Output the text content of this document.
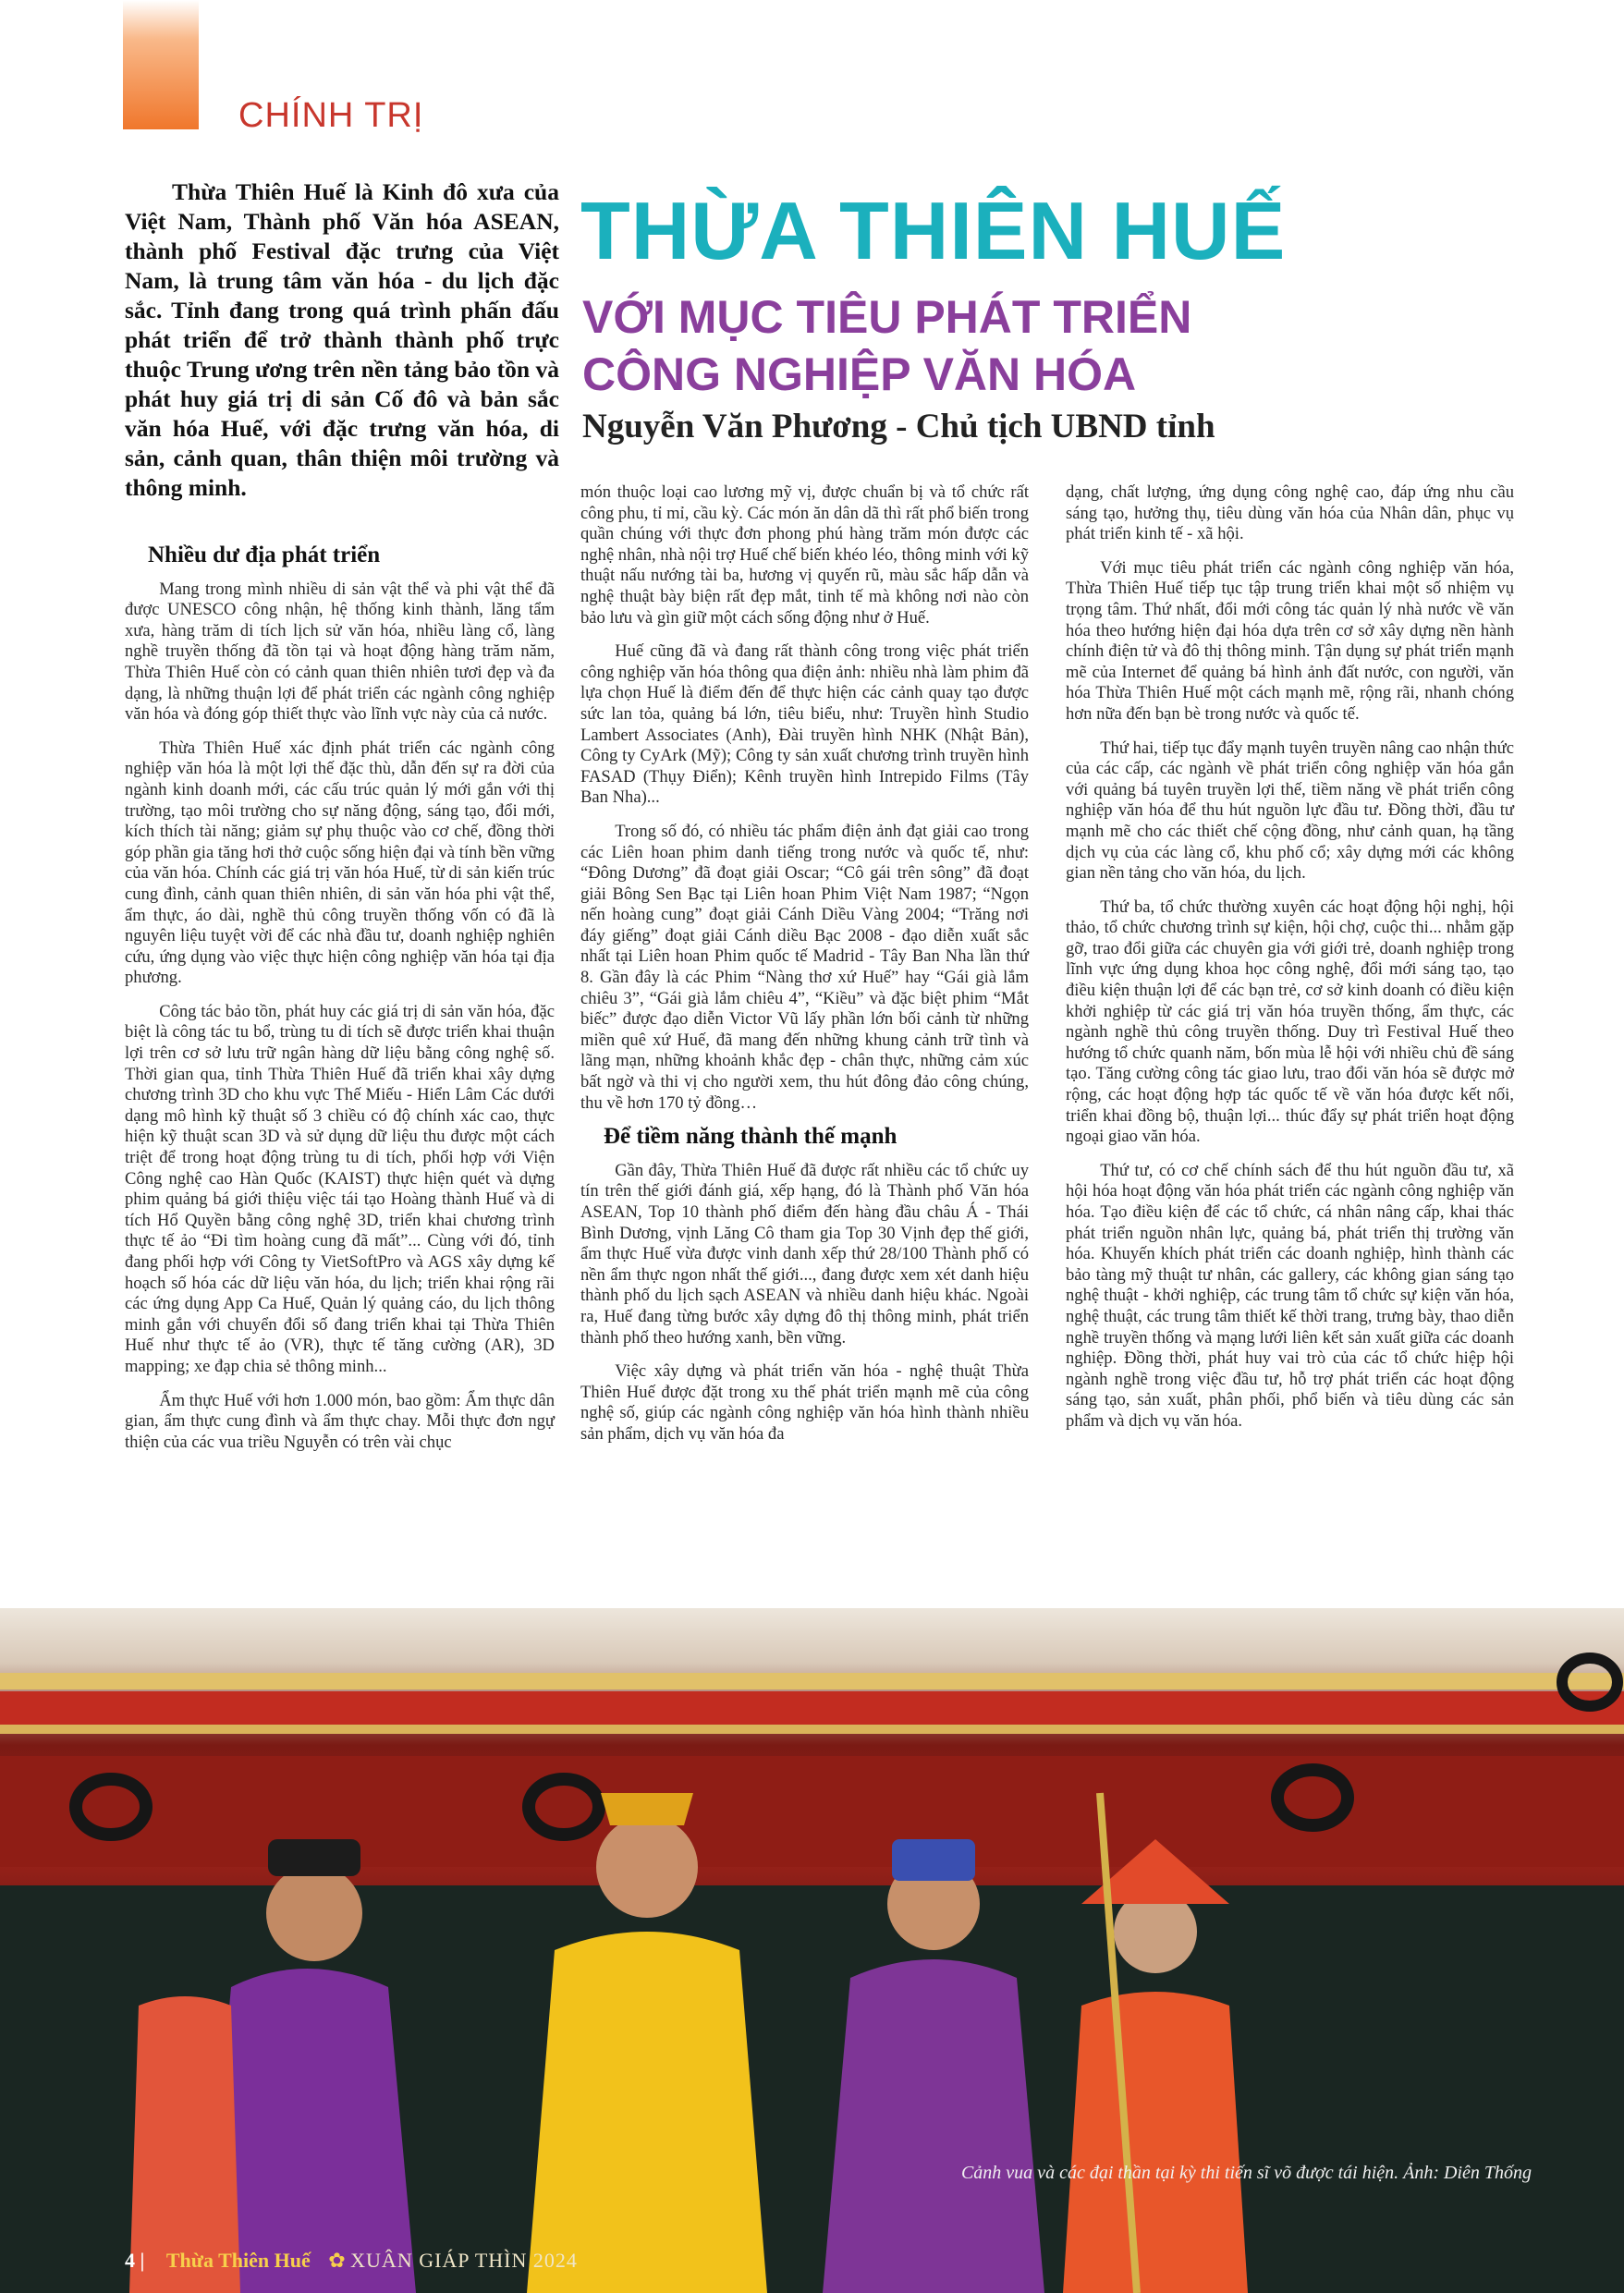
CHÍNH TRỊ

Thừa Thiên Huế là Kinh đô xưa của Việt Nam, Thành phố Văn hóa ASEAN, thành phố Festival đặc trưng của Việt Nam, là trung tâm văn hóa - du lịch đặc sắc. Tỉnh đang trong quá trình phấn đấu phát triển để trở thành thành phố trực thuộc Trung ương trên nền tảng bảo tồn và phát huy giá trị di sản Cố đô và bản sắc văn hóa Huế, với đặc trưng văn hóa, di sản, cảnh quan, thân thiện môi trường và thông minh.

THỪA THIÊN HUẾ
VỚI MỤC TIÊU PHÁT TRIỂN
CÔNG NGHIỆP VĂN HÓA
Nguyễn Văn Phương - Chủ tịch UBND tỉnh
Nhiều dư địa phát triển

Mang trong mình nhiều di sản vật thể và phi vật thể đã được UNESCO công nhận, hệ thống kinh thành, lăng tẩm xưa, hàng trăm di tích lịch sử văn hóa, nhiều làng cổ, làng nghề truyền thống đã tồn tại và hoạt động hàng trăm năm, Thừa Thiên Huế còn có cảnh quan thiên nhiên tươi đẹp và đa dạng, là những thuận lợi để phát triển các ngành công nghiệp văn hóa và đóng góp thiết thực vào lĩnh vực này của cả nước.

Thừa Thiên Huế xác định phát triển các ngành công nghiệp văn hóa là một lợi thế đặc thù, dẫn đến sự ra đời của ngành kinh doanh mới, các cấu trúc quản lý mới gắn với thị trường, tạo môi trường cho sự năng động, sáng tạo, đổi mới, kích thích tài năng; giảm sự phụ thuộc vào cơ chế, đồng thời góp phần gia tăng hơi thở cuộc sống hiện đại và tính bền vững của văn hóa. Chính các giá trị văn hóa Huế, từ di sản kiến trúc cung đình, cảnh quan thiên nhiên, di sản văn hóa phi vật thể, ẩm thực, áo dài, nghề thủ công truyền thống vốn có đã là nguyên liệu tuyệt vời để các nhà đầu tư, doanh nghiệp nghiên cứu, ứng dụng vào việc thực hiện công nghiệp văn hóa tại địa phương.

Công tác bảo tồn, phát huy các giá trị di sản văn hóa, đặc biệt là công tác tu bổ, trùng tu di tích sẽ được triển khai thuận lợi trên cơ sở lưu trữ ngân hàng dữ liệu bằng công nghệ số. Thời gian qua, tỉnh Thừa Thiên Huế đã triển khai xây dựng chương trình 3D cho khu vực Thế Miếu - Hiển Lâm Các dưới dạng mô hình kỹ thuật số 3 chiều có độ chính xác cao, thực hiện kỹ thuật scan 3D và sử dụng dữ liệu thu được một cách triệt để trong hoạt động trùng tu di tích, phối hợp với Viện Công nghệ cao Hàn Quốc (KAIST) thực hiện quét và dựng phim quảng bá giới thiệu việc tái tạo Hoàng thành Huế và di tích Hổ Quyền bằng công nghệ 3D, triển khai chương trình thực tế ảo “Đi tìm hoàng cung đã mất”... Cùng với đó, tỉnh đang phối hợp với Công ty VietSoftPro và AGS xây dựng kế hoạch số hóa các dữ liệu văn hóa, du lịch; triển khai rộng rãi các ứng dụng App Ca Huế, Quản lý quảng cáo, du lịch thông minh gắn với chuyển đổi số đang triển khai tại Thừa Thiên Huế như thực tế ảo (VR), thực tế tăng cường (AR), 3D mapping; xe đạp chia sẻ thông minh...

Ẩm thực Huế với hơn 1.000 món, bao gồm: Ẩm thực dân gian, ẩm thực cung đình và ẩm thực chay. Mỗi thực đơn ngự thiện của các vua triều Nguyễn có trên vài chục

món thuộc loại cao lương mỹ vị, được chuẩn bị và tổ chức rất công phu, tỉ mỉ, cầu kỳ. Các món ăn dân dã thì rất phổ biến trong quần chúng với thực đơn phong phú hàng trăm món được các nghệ nhân, nhà nội trợ Huế chế biến khéo léo, thông minh với kỹ thuật nấu nướng tài ba, hương vị quyến rũ, màu sắc hấp dẫn và nghệ thuật bày biện rất đẹp mắt, tinh tế mà không nơi nào còn bảo lưu và gìn giữ một cách sống động như ở Huế.

Huế cũng đã và đang rất thành công trong việc phát triển công nghiệp văn hóa thông qua điện ảnh: nhiều nhà làm phim đã lựa chọn Huế là điểm đến để thực hiện các cảnh quay tạo được sức lan tỏa, quảng bá lớn, tiêu biểu, như: Truyền hình Studio Lambert Associates (Anh), Đài truyền hình NHK (Nhật Bản), Công ty CyArk (Mỹ); Công ty sản xuất chương trình truyền hình FASAD (Thụy Điển); Kênh truyền hình Intrepido Films (Tây Ban Nha)...

Trong số đó, có nhiều tác phẩm điện ảnh đạt giải cao trong các Liên hoan phim danh tiếng trong nước và quốc tế, như: “Đông Dương” đã đoạt giải Oscar; “Cô gái trên sông” đã đoạt giải Bông Sen Bạc tại Liên hoan Phim Việt Nam 1987; “Ngọn nến hoàng cung” đoạt giải Cánh Diều Vàng 2004; “Trăng nơi đáy giếng” đoạt giải Cánh diều Bạc 2008 - đạo diễn xuất sắc nhất tại Liên hoan Phim quốc tế Madrid - Tây Ban Nha lần thứ 8. Gần đây là các Phim “Nàng thơ xứ Huế” hay “Gái già lắm chiêu 3”, “Gái già lắm chiêu 4”, “Kiều” và đặc biệt phim “Mắt biếc” được đạo diễn Victor Vũ lấy phần lớn bối cảnh từ những miền quê xứ Huế, đã mang đến những khung cảnh trữ tình và lãng mạn, những khoảnh khắc đẹp - chân thực, những cảm xúc bất ngờ và thi vị cho người xem, thu hút đông đảo công chúng, thu về hơn 170 tỷ đồng…

Để tiềm năng thành thế mạnh

Gần đây, Thừa Thiên Huế đã được rất nhiều các tổ chức uy tín trên thế giới đánh giá, xếp hạng, đó là Thành phố Văn hóa ASEAN, Top 10 thành phố điểm đến hàng đầu châu Á - Thái Bình Dương, vịnh Lăng Cô tham gia Top 30 Vịnh đẹp thế giới, ẩm thực Huế vừa được vinh danh xếp thứ 28/100 Thành phố có nền ẩm thực ngon nhất thế giới..., đang được xem xét danh hiệu thành phố du lịch sạch ASEAN và nhiều danh hiệu khác. Ngoài ra, Huế đang từng bước xây dựng đô thị thông minh, phát triển thành phố theo hướng xanh, bền vững.

Việc xây dựng và phát triển văn hóa - nghệ thuật Thừa Thiên Huế được đặt trong xu thế phát triển mạnh mẽ của công nghệ số, giúp các ngành công nghiệp văn hóa hình thành nhiều sản phẩm, dịch vụ văn hóa đa

dạng, chất lượng, ứng dụng công nghệ cao, đáp ứng nhu cầu sáng tạo, hưởng thụ, tiêu dùng văn hóa của Nhân dân, phục vụ phát triển kinh tế - xã hội.

Với mục tiêu phát triển các ngành công nghiệp văn hóa, Thừa Thiên Huế tiếp tục tập trung triển khai một số nhiệm vụ trọng tâm. Thứ nhất, đổi mới công tác quản lý nhà nước về văn hóa theo hướng hiện đại hóa dựa trên cơ sở xây dựng nền hành chính điện tử và đô thị thông minh. Tận dụng sự phát triển mạnh mẽ của Internet để quảng bá hình ảnh đất nước, con người, văn hóa Thừa Thiên Huế một cách mạnh mẽ, rộng rãi, nhanh chóng hơn nữa đến bạn bè trong nước và quốc tế.

Thứ hai, tiếp tục đẩy mạnh tuyên truyền nâng cao nhận thức của các cấp, các ngành về phát triển công nghiệp văn hóa gắn với quảng bá tuyên truyền lợi thế, tiềm năng về phát triển công nghiệp văn hóa để thu hút nguồn lực đầu tư. Đồng thời, đầu tư mạnh mẽ cho các thiết chế cộng đồng, như cảnh quan, hạ tầng dịch vụ của các làng cổ, khu phố cổ; xây dựng mới các không gian nền tảng cho văn hóa, du lịch.

Thứ ba, tổ chức thường xuyên các hoạt động hội nghị, hội thảo, tổ chức chương trình sự kiện, hội chợ, cuộc thi... nhằm gặp gỡ, trao đổi giữa các chuyên gia với giới trẻ, doanh nghiệp trong lĩnh vực ứng dụng khoa học công nghệ, đổi mới sáng tạo, tạo điều kiện thuận lợi để các bạn trẻ, cơ sở kinh doanh có điều kiện khởi nghiệp từ các giá trị văn hóa truyền thống, ẩm thực, các ngành nghề thủ công truyền thống. Duy trì Festival Huế theo hướng tổ chức quanh năm, bốn mùa lễ hội với nhiều chủ đề sáng tạo. Tăng cường công tác giao lưu, trao đổi văn hóa sẽ được mở rộng, các hoạt động hợp tác quốc tế về văn hóa được kết nối, triển khai đồng bộ, thuận lợi... thúc đẩy sự phát triển hoạt động ngoại giao văn hóa.

Thứ tư, có cơ chế chính sách để thu hút nguồn đầu tư, xã hội hóa hoạt động văn hóa phát triển các ngành công nghiệp văn hóa. Tạo điều kiện để các tổ chức, cá nhân nâng cấp, khai thác phát triển nguồn nhân lực, quảng bá, phát triển thị trường văn hóa. Khuyến khích phát triển các doanh nghiệp, hình thành các bảo tàng mỹ thuật tư nhân, các gallery, các không gian sáng tạo nghệ thuật - khởi nghiệp, các trung tâm tổ chức sự kiện văn hóa, nghệ thuật, các trung tâm thiết kế thời trang, trưng bày, thao diễn nghề truyền thống và mạng lưới liên kết sản xuất giữa các doanh nghiệp. Đồng thời, phát huy vai trò của các tổ chức hiệp hội ngành nghề trong việc đầu tư, hỗ trợ phát triển các hoạt động sáng tạo, sản xuất, phân phối, phổ biến và tiêu dùng các sản phẩm và dịch vụ văn hóa.

Cảnh vua và các đại thần tại kỳ thi tiến sĩ võ được tái hiện. Ảnh: Diên Thống
4 | Thừa Thiên Huế ✿ XUÂN GIÁP THÌN 2024
